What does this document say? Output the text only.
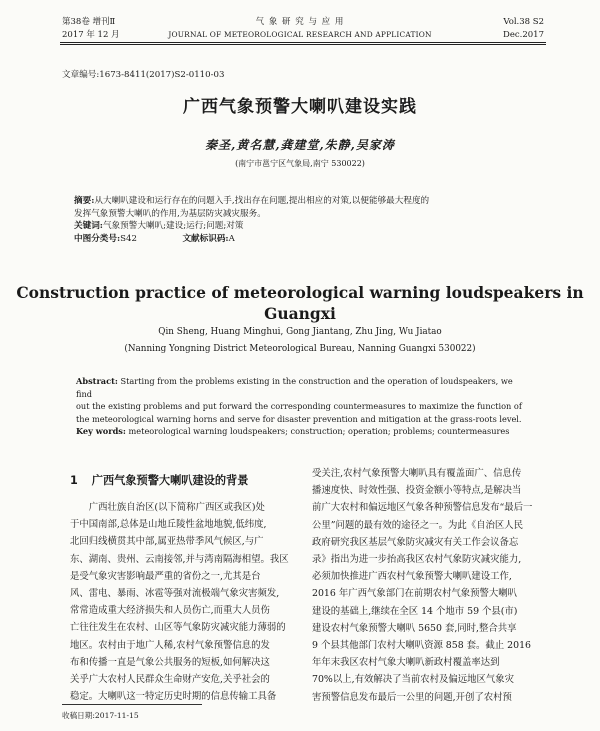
第38卷 增刊Ⅱ
2017 年 12 月
气 象 研 究 与 应 用
JOURNAL OF METEOROLOGICAL RESEARCH AND APPLICATION
Vol.38 S2
Dec.2017
文章编号:1673-8411(2017)S2-0110-03
广西气象预警大喇叭建设实践
秦圣,黄名慧,龚建堂,朱静,吴家涛
(南宁市邕宁区气象局,南宁 530022)
摘要:从大喇叭建设和运行存在的问题入手,找出存在问题,提出相应的对策,以便能够最大程度的
发挥气象预警大喇叭的作用,为基层防灾减灾服务。
关键词:气象预警大喇叭;建设;运行;问题;对策
中图分类号:S42	文献标识码:A
Construction practice of meteorological warning loudspeakers in
Guangxi
Qin Sheng, Huang Minghui, Gong Jiantang, Zhu Jing, Wu Jiatao
(Nanning Yongning District Meteorological Bureau, Nanning Guangxi 530022)
Abstract: Starting from the problems existing in the construction and the operation of loudspeakers, we find
out the existing problems and put forward the corresponding countermeasures to maximize the function of
the meteorological warning horns and serve for disaster prevention and mitigation at the grass-roots level.
Key words: meteorological warning loudspeakers; construction; operation; problems; countermeasures
1 广西气象预警大喇叭建设的背景

广西壮族自治区(以下简称广西区或我区)处

于中国南部,总体是山地丘陵性盆地地貌,低纬度,

北回归线横贯其中部,属亚热带季风气候区,与广

东、湖南、贵州、云南接邻,并与湾南隔海相望。我区

是受气象灾害影响最严重的省份之一,尤其是台

风、雷电、暴雨、冰雹等强对流极端气象灾害频发,

常常造成重大经济损失和人员伤亡,而重大人员伤

亡往往发生在农村、山区等气象防灾减灾能力薄弱的

地区。农村由于地广人稀,农村气象预警信息的发

布和传播一直是气象公共服务的短板,如何解决这

关乎广大农村人民群众生命财产安危,关乎社会的

稳定。大喇叭这一特定历史时期的信息传输工具备

受关注,农村气象预警大喇叭具有覆盖面广、信息传

播速度快、时效性强、投资金额小等特点,是解决当

前广大农村和偏远地区气象各种预警信息发布“最后一

公里”问题的最有效的途径之一。为此《自治区人民

政府研究我区基层气象防灾减灾有关工作会议备忘

录》指出为进一步抬高我区农村气象防灾减灾能力,

必须加快推进广西农村气象预警大喇叭建设工作,

2016 年广西气象部门在前期农村气象预警大喇叭

建设的基础上,继续在全区 14 个地市 59 个县(市)

建设农村气象预警大喇叭 5650 套,同时,整合共享

9 个县其他部门农村大喇叭资源 858 套。截止 2016

年年末我区农村气象大喇叭新政村覆盖率达到

70%以上,有效解决了当前农村及偏远地区气象灾

害预警信息发布最后一公里的问题,开创了农村预

收稿日期:2017-11-15
